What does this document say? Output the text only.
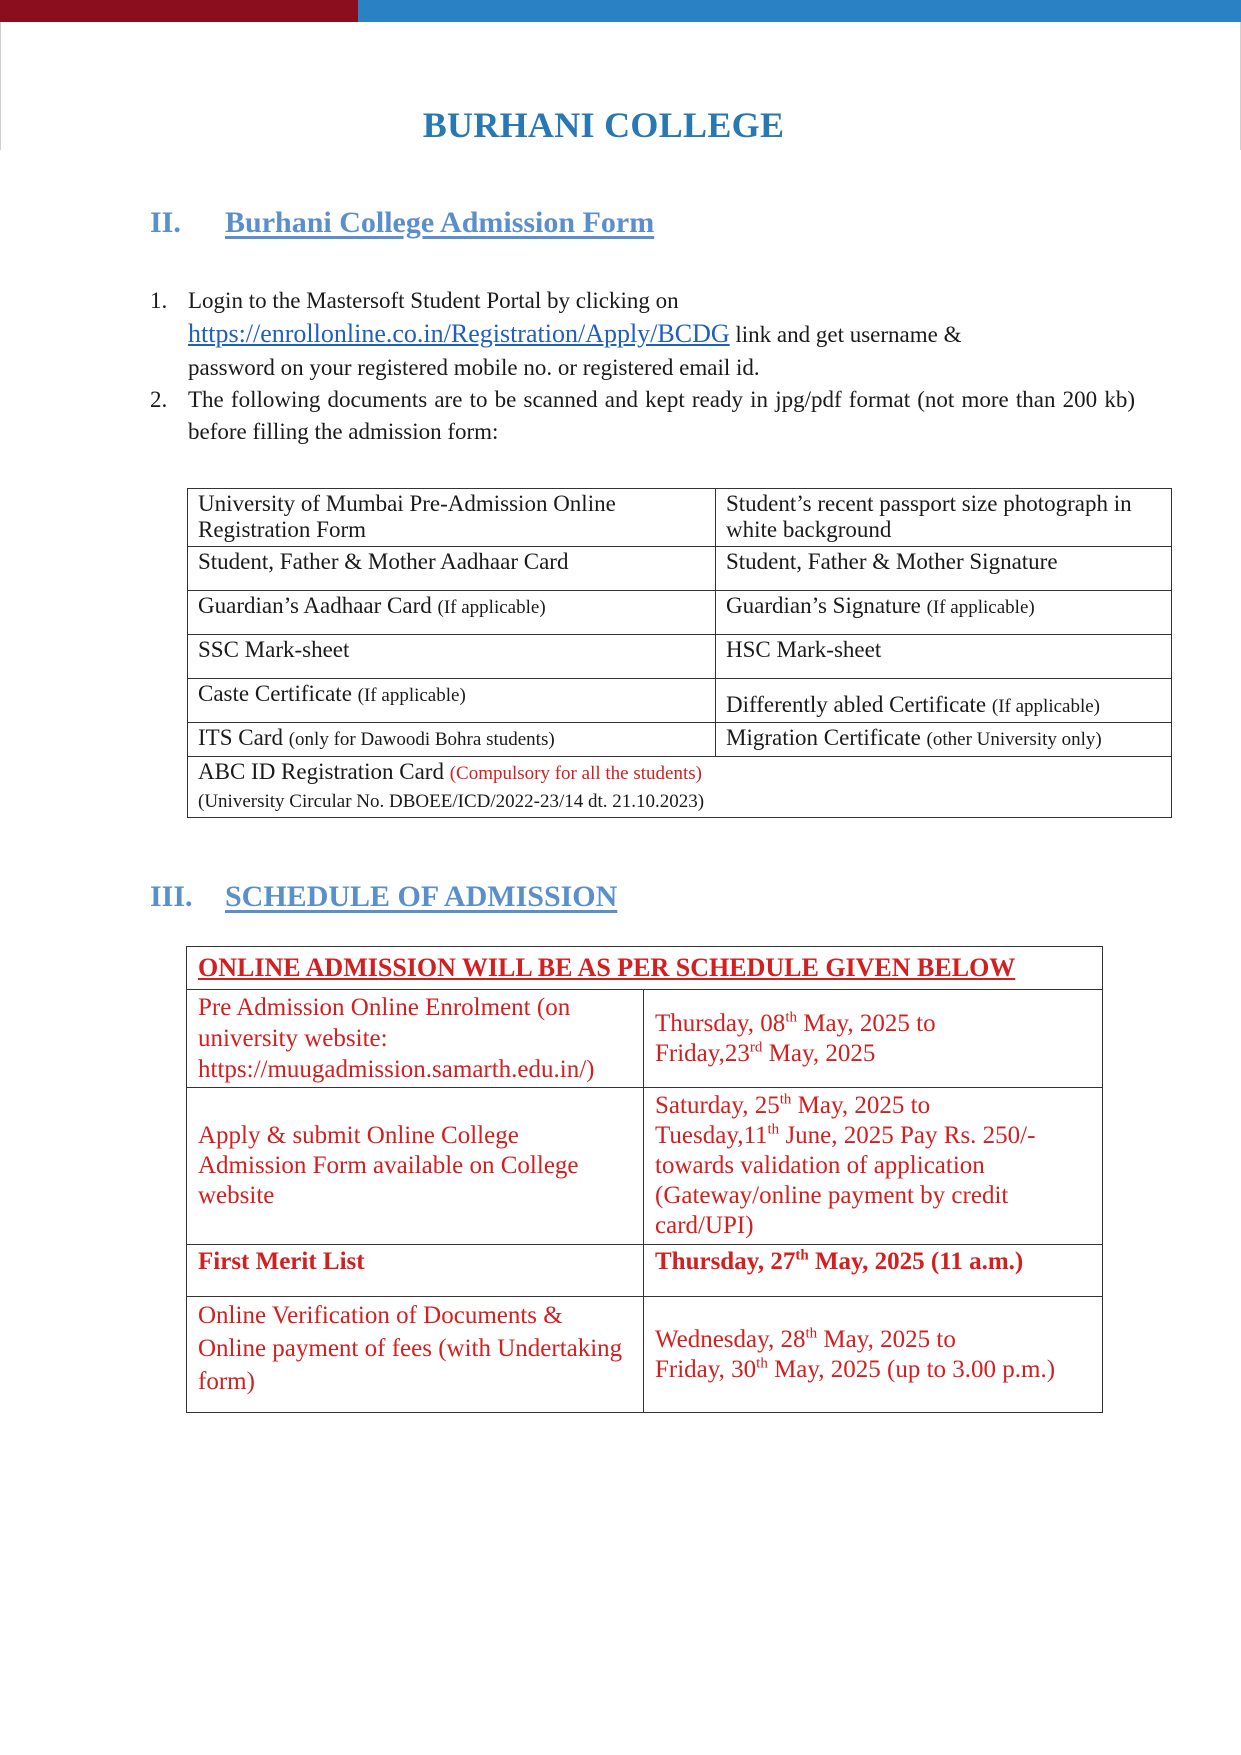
BURHANI COLLEGE
II. Burhani College Admission Form
1. Login to the Mastersoft Student Portal by clicking on
https://enrollonline.co.in/Registration/Apply/BCDG link and get username &
password on your registered mobile no. or registered email id.
2. The following documents are to be scanned and kept ready in jpg/pdf format (not more than 200 kb) before filling the admission form:
University of Mumbai Pre-Admission Online Registration Form	Student’s recent passport size photograph in white background
Student, Father & Mother Aadhaar Card	Student, Father & Mother Signature
Guardian’s Aadhaar Card (If applicable)	Guardian’s Signature (If applicable)
SSC Mark-sheet	HSC Mark-sheet
Caste Certificate (If applicable)	Differently abled Certificate (If applicable)
ITS Card (only for Dawoodi Bohra students)	Migration Certificate (other University only)
ABC ID Registration Card (Compulsory for all the students)
(University Circular No. DBOEE/ICD/2022-23/14 dt. 21.10.2023)	
III. SCHEDULE OF ADMISSION
ONLINE ADMISSION WILL BE AS PER SCHEDULE GIVEN BELOW	
Pre Admission Online Enrolment (on university website: https://muugadmission.samarth.edu.in/)	Thursday, 08th May, 2025 to
Friday,23rd May, 2025
Apply & submit Online College Admission Form available on College website	Saturday, 25th May, 2025 to
Tuesday,11th June, 2025 Pay Rs. 250/-
towards validation of application (Gateway/online payment by credit card/UPI)
First Merit List	Thursday, 27th May, 2025 (11 a.m.)
Online Verification of Documents & Online payment of fees (with Undertaking form)	Wednesday, 28th May, 2025 to
Friday, 30th May, 2025 (up to 3.00 p.m.)
